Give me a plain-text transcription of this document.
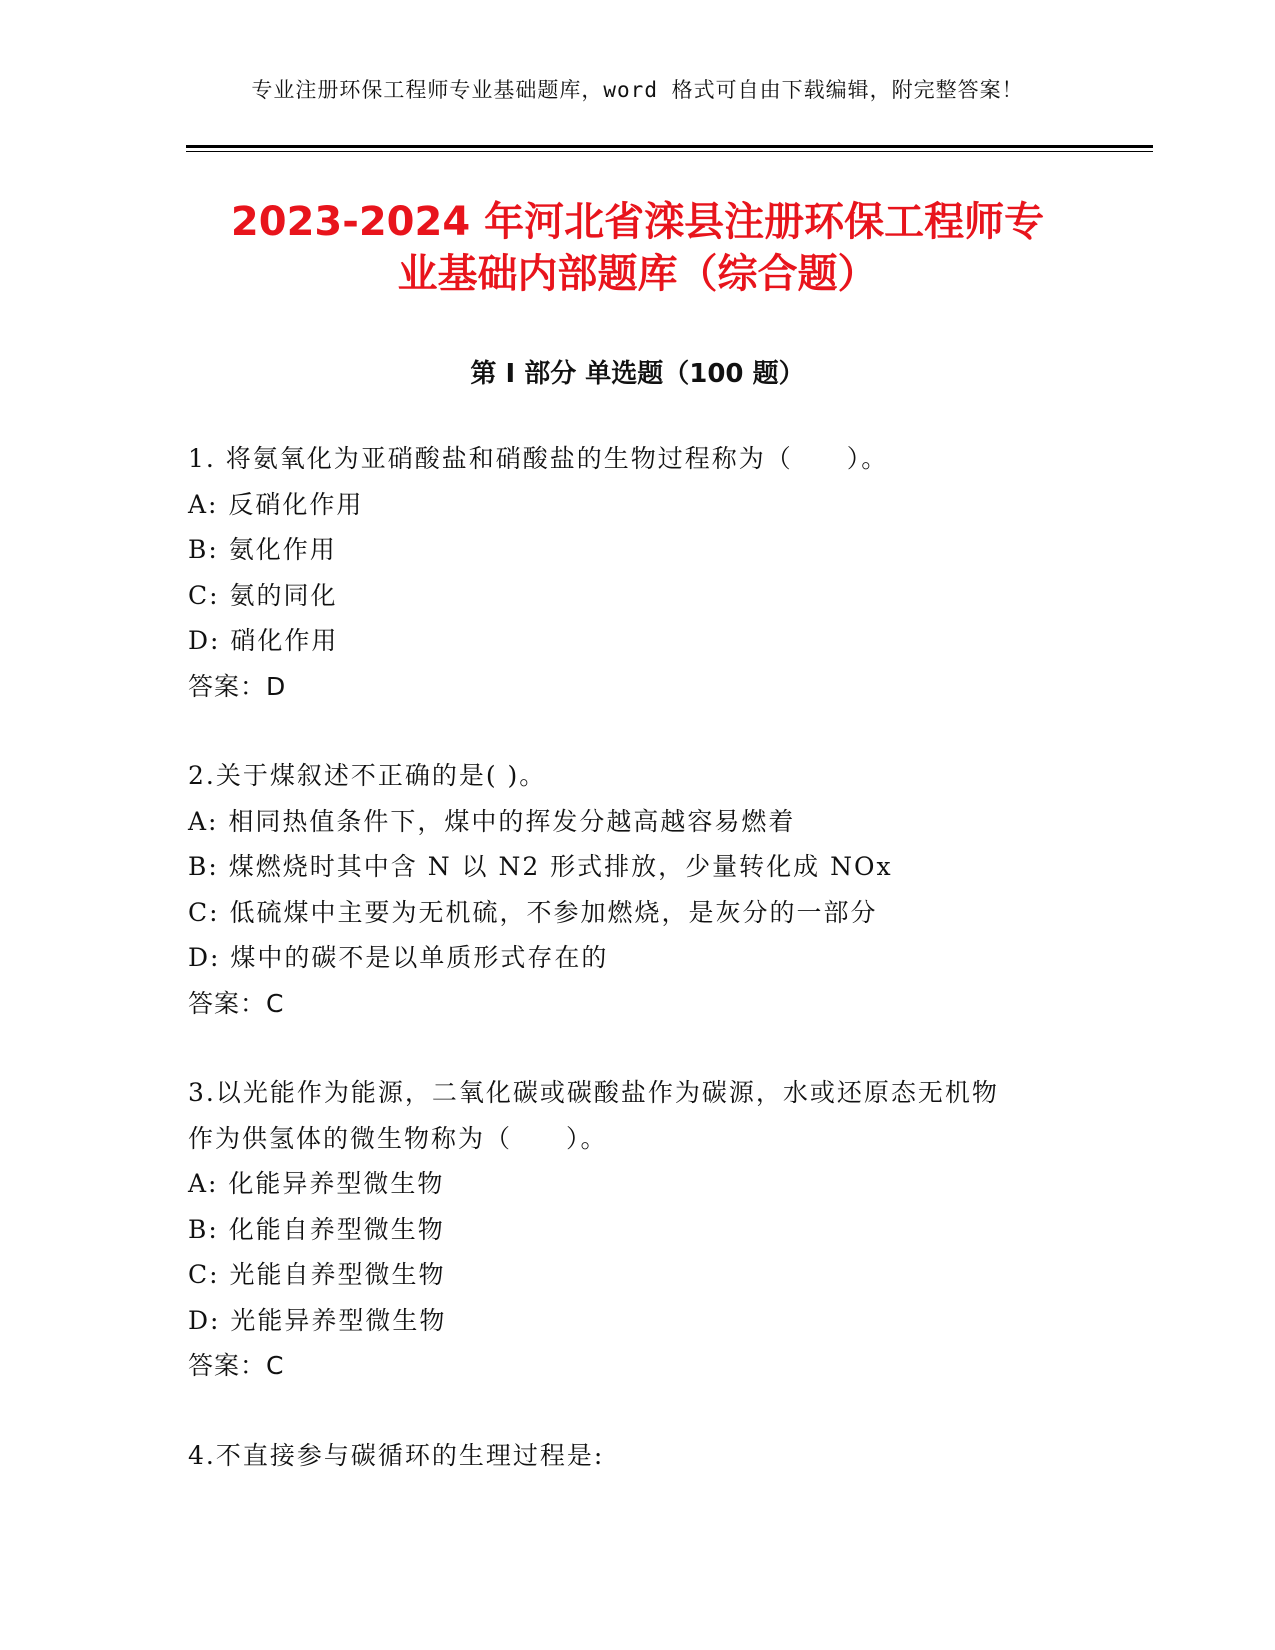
专业注册环保工程师专业基础题库，word 格式可自由下载编辑，附完整答案！
2023-2024 年河北省滦县注册环保工程师专
业基础内部题库（综合题）
第 I 部分 单选题（100 题）
1. 将氨氧化为亚硝酸盐和硝酸盐的生物过程称为（　　）。
A: 反硝化作用
B: 氨化作用
C: 氨的同化
D: 硝化作用
答案：D
2.关于煤叙述不正确的是( )。
A: 相同热值条件下，煤中的挥发分越高越容易燃着
B: 煤燃烧时其中含 N 以 N2 形式排放，少量转化成 NOx
C: 低硫煤中主要为无机硫，不参加燃烧，是灰分的一部分
D: 煤中的碳不是以单质形式存在的
答案：C
3.以光能作为能源，二氧化碳或碳酸盐作为碳源，水或还原态无机物
作为供氢体的微生物称为（　　）。
A: 化能异养型微生物
B: 化能自养型微生物
C: 光能自养型微生物
D: 光能异养型微生物
答案：C
4.不直接参与碳循环的生理过程是:
